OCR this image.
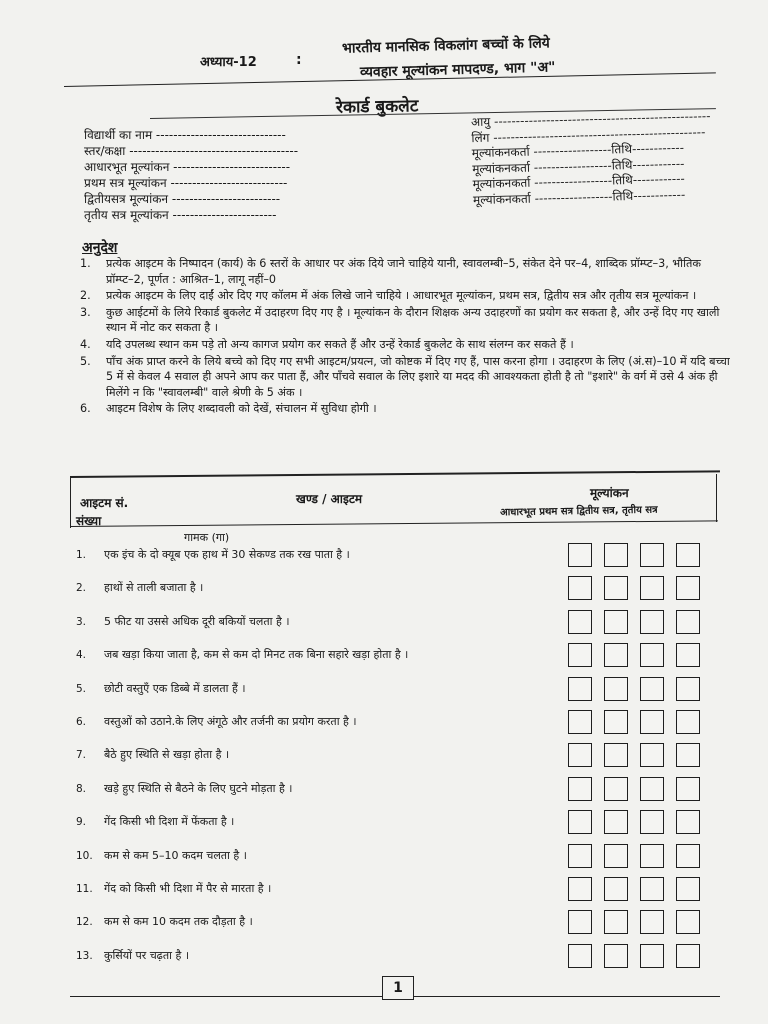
अध्याय-12	:
भारतीय मानसिक विकलांग बच्चों के लिये
व्यवहार मूल्यांकन मापदण्ड, भाग "अ"
रेकार्ड बुकलेट
विद्यार्थी का नाम ------------------------------
स्तर/कक्षा ---------------------------------------
आधारभूत मूल्यांकन ---------------------------
प्रथम सत्र मूल्यांकन ---------------------------
द्वितीयसत्र मूल्यांकन -------------------------
तृतीय सत्र मूल्यांकन ------------------------
आयु --------------------------------------------------
लिंग -------------------------------------------------
मूल्यांकनकर्ता ------------------तिथि------------
मूल्यांकनकर्ता ------------------तिथि------------
मूल्यांकनकर्ता ------------------तिथि------------
मूल्यांकनकर्ता ------------------तिथि------------
अनुदेश
1.	प्रत्येक आइटम के निष्पादन (कार्य) के 6 स्तरों के आधार पर अंक दिये जाने चाहिये यानी, स्वावलम्बी–5, संकेत देने पर–4, शाब्दिक प्रॉम्प्ट–3, भौतिक प्रॉम्प्ट–2, पूर्णत : आश्रित–1, लागू नहीं–0
2.	प्रत्येक आइटम के लिए दाईं ओर दिए गए कॉलम में अंक लिखे जाने चाहिये । आधारभूत मूल्यांकन, प्रथम सत्र, द्वितीय सत्र और तृतीय सत्र मूल्यांकन ।
3.	कुछ आईटमों के लिये रिकार्ड बुकलेट में उदाहरण दिए गए है । मूल्यांकन के दौरान शिक्षक अन्य उदाहरणों का प्रयोग कर सकता है, और उन्हें दिए गए खाली स्थान में नोट कर सकता है ।
4.	यदि उपलब्ध स्थान कम पड़े तो अन्य कागज प्रयोग कर सकते हैं और उन्हें रेकार्ड बुकलेट के साथ संलग्न कर सकते हैं ।
5.	पाँच अंक प्राप्त करने के लिये बच्चे को दिए गए सभी आइटम/प्रयत्न, जो कोष्टक में दिए गए हैं, पास करना होगा । उदाहरण के लिए (अं.स)–10 में यदि बच्चा 5 में से केवल 4 सवाल ही अपने आप कर पाता हैं, और पाँचवे सवाल के लिए इशारे या मदद की आवश्यकता होती है तो "इशारे" के वर्ग में उसे 4 अंक ही मिलेंगे न कि "स्वावलम्बी" वाले श्रेणी के 5 अंक ।
6.	आइटम विशेष के लिए शब्दावली को देखें, संचालन में सुविधा होगी ।
आइटम सं.
संख्या
खण्ड / आइटम	मूल्यांकन
आधारभूत प्रथम सत्र द्वितीय सत्र, तृतीय सत्र
गामक (गा)
1. एक इंच के दो क्यूब एक हाथ में 30 सेकण्ड तक रख पाता है ।
2. हाथों से ताली बजाता है ।
3. 5 फीट या उससे अधिक दूरी बकियों चलता है ।
4. जब खड़ा किया जाता है, कम से कम दो मिनट तक बिना सहारे खड़ा होता है ।
5. छोटी वस्तुएँ एक डिब्बे में डालता हैं ।
6. वस्तुओं को उठाने.के लिए अंगूठे और तर्जनी का प्रयोग करता है ।
7. बैठे हुए स्थिति से खड़ा होता है ।
8. खड़े हुए स्थिति से बैठने के लिए घुटने मोड़ता है ।
9. गेंद किसी भी दिशा में फेंकता है ।
10. कम से कम 5–10 कदम चलता है ।
11. गेंद को किसी भी दिशा में पैर से मारता है ।
12. कम से कम 10 कदम तक दौड़ता है ।
13. कुर्सियों पर चढ़ता है ।
1
